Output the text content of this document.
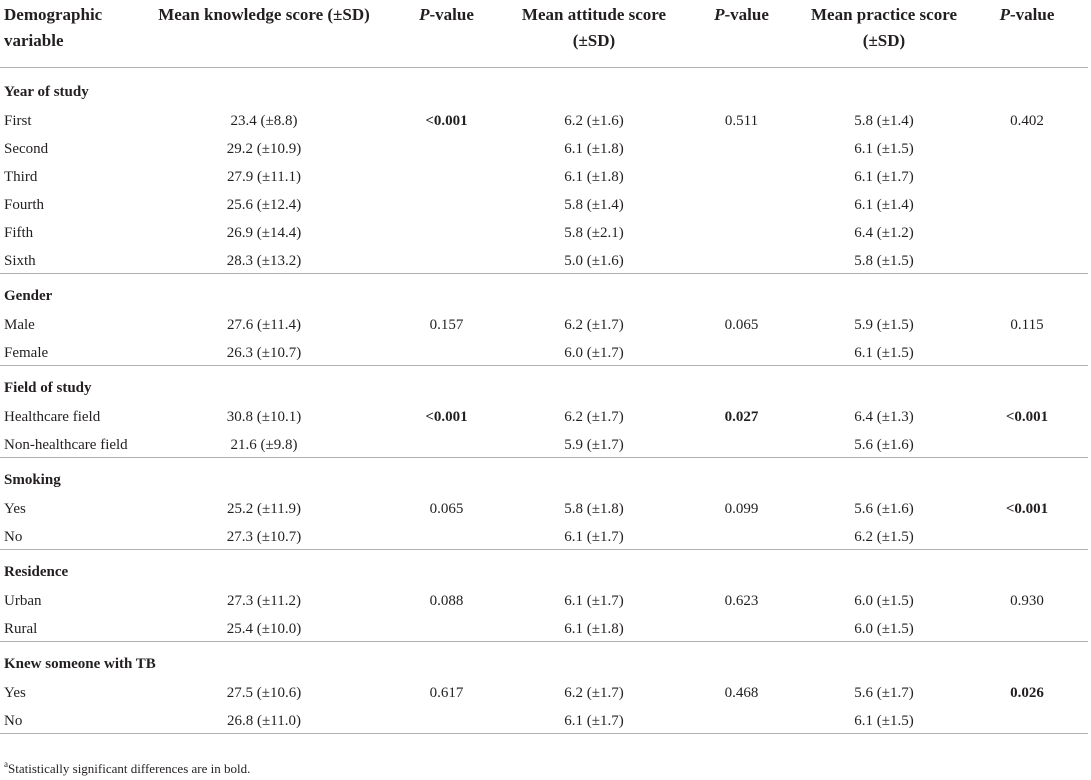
Demographic variable	Mean knowledge score (±SD)	P-value	Mean attitude score (±SD)	P-value	Mean practice score (±SD)	P-value
Year of study						
First	23.4 (±8.8)	<0.001	6.2 (±1.6)	0.511	5.8 (±1.4)	0.402
Second	29.2 (±10.9)		6.1 (±1.8)		6.1 (±1.5)	
Third	27.9 (±11.1)		6.1 (±1.8)		6.1 (±1.7)	
Fourth	25.6 (±12.4)		5.8 (±1.4)		6.1 (±1.4)	
Fifth	26.9 (±14.4)		5.8 (±2.1)		6.4 (±1.2)	
Sixth	28.3 (±13.2)		5.0 (±1.6)		5.8 (±1.5)	
Gender						
Male	27.6 (±11.4)	0.157	6.2 (±1.7)	0.065	5.9 (±1.5)	0.115
Female	26.3 (±10.7)		6.0 (±1.7)		6.1 (±1.5)	
Field of study						
Healthcare field	30.8 (±10.1)	<0.001	6.2 (±1.7)	0.027	6.4 (±1.3)	<0.001
Non-healthcare field	21.6 (±9.8)		5.9 (±1.7)		5.6 (±1.6)	
Smoking						
Yes	25.2 (±11.9)	0.065	5.8 (±1.8)	0.099	5.6 (±1.6)	<0.001
No	27.3 (±10.7)		6.1 (±1.7)		6.2 (±1.5)	
Residence						
Urban	27.3 (±11.2)	0.088	6.1 (±1.7)	0.623	6.0 (±1.5)	0.930
Rural	25.4 (±10.0)		6.1 (±1.8)		6.0 (±1.5)	
Knew someone with TB						
Yes	27.5 (±10.6)	0.617	6.2 (±1.7)	0.468	5.6 (±1.7)	0.026
No	26.8 (±11.0)		6.1 (±1.7)		6.1 (±1.5)	
$^a$Statistically significant differences are in bold.
